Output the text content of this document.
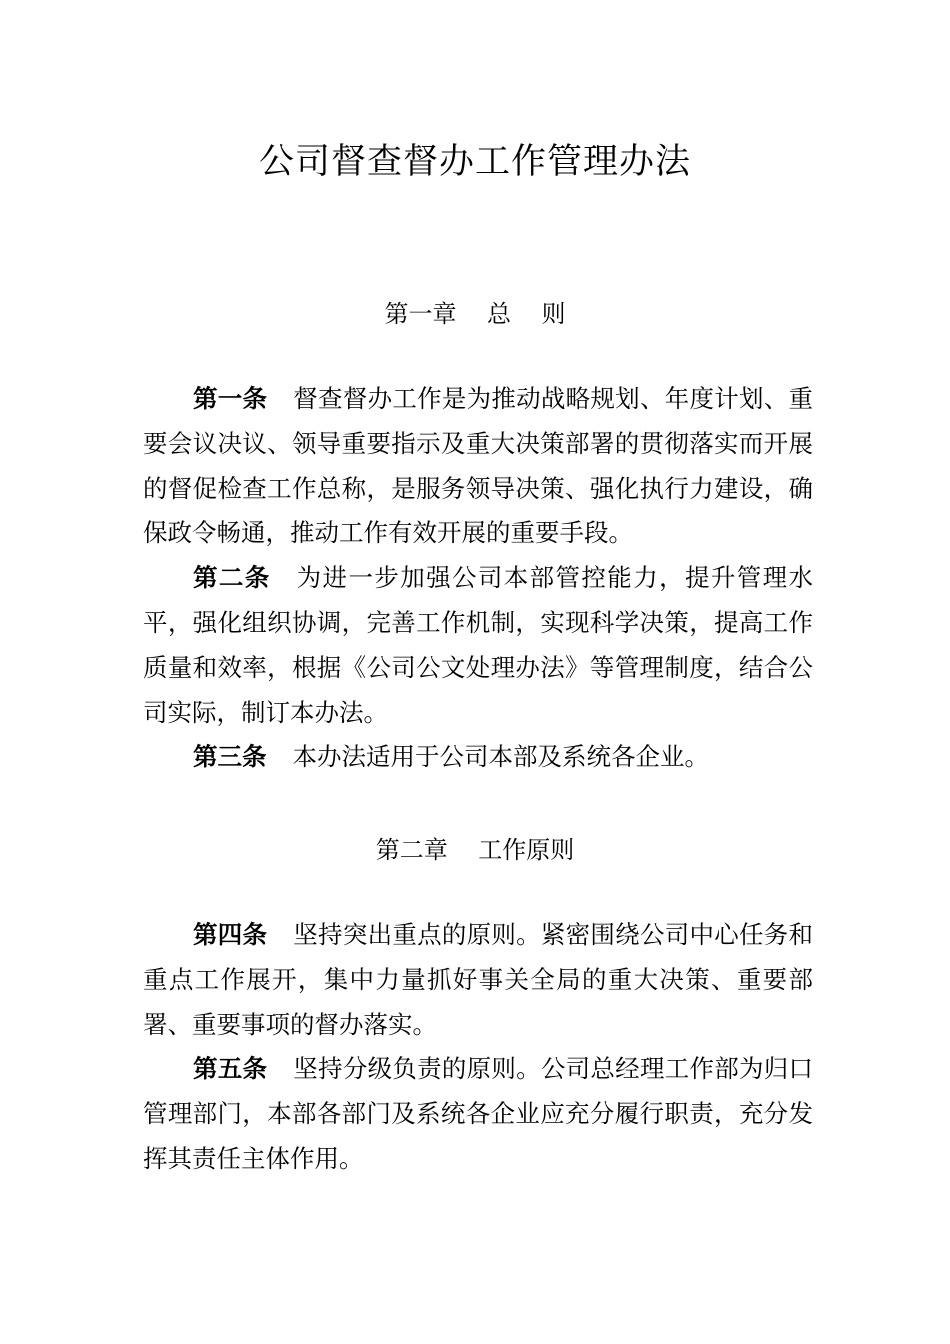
公司督查督办工作管理办法
第一章    总    则

第一条 督查督办工作是为推动战略规划、年度计划、重要会议决议、领导重要指示及重大决策部署的贯彻落实而开展的督促检查工作总称，是服务领导决策、强化执行力建设，确保政令畅通，推动工作有效开展的重要手段。

第二条 为进一步加强公司本部管控能力，提升管理水平，强化组织协调，完善工作机制，实现科学决策，提高工作质量和效率，根据《公司公文处理办法》等管理制度，结合公司实际，制订本办法。

第三条 本办法适用于公司本部及系统各企业。

第二章    工作原则

第四条 坚持突出重点的原则。紧密围绕公司中心任务和重点工作展开，集中力量抓好事关全局的重大决策、重要部署、重要事项的督办落实。

第五条 坚持分级负责的原则。公司总经理工作部为归口管理部门，本部各部门及系统各企业应充分履行职责，充分发挥其责任主体作用。
